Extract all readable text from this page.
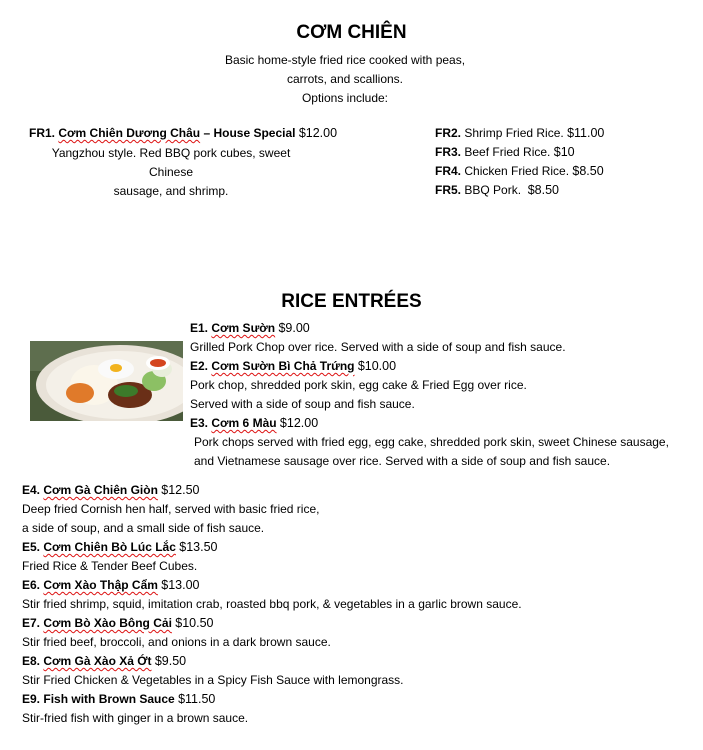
CƠM CHIÊN
Basic home-style fried rice cooked with peas,
carrots, and scallions.
Options include:
FR1. Cơm Chiên Dương Châu – House Special $12.00
Yangzhou style. Red BBQ pork cubes, sweet Chinese
sausage, and shrimp.
FR2. Shrimp Fried Rice. $11.00
FR3. Beef Fried Rice. $10
FR4. Chicken Fried Rice. $8.50
FR5. BBQ Pork. $8.50
RICE ENTRÉES
E1. Cơm Sườn $9.00
Grilled Pork Chop over rice. Served with a side of soup and fish sauce.
E2. Cơm Sườn Bì Chả Trứng $10.00
Pork chop, shredded pork skin, egg cake & Fried Egg over rice.
Served with a side of soup and fish sauce.
E3. Cơm 6 Màu $12.00
Pork chops served with fried egg, egg cake, shredded pork skin, sweet Chinese sausage,
and Vietnamese sausage over rice. Served with a side of soup and fish sauce.
E4. Cơm Gà Chiên Giòn $12.50
Deep fried Cornish hen half, served with basic fried rice,
a side of soup, and a small side of fish sauce.
E5. Cơm Chiên Bò Lúc Lắc $13.50
Fried Rice & Tender Beef Cubes.
E6. Cơm Xào Thập Cẩm $13.00
Stir fried shrimp, squid, imitation crab, roasted bbq pork, & vegetables in a garlic brown sauce.
E7. Cơm Bò Xào Bông Cải $10.50
Stir fried beef, broccoli, and onions in a dark brown sauce.
E8. Cơm Gà Xào Xả Ớt $9.50
Stir Fried Chicken & Vegetables in a Spicy Fish Sauce with lemongrass.
E9. Fish with Brown Sauce $11.50
Stir-fried fish with ginger in a brown sauce.
